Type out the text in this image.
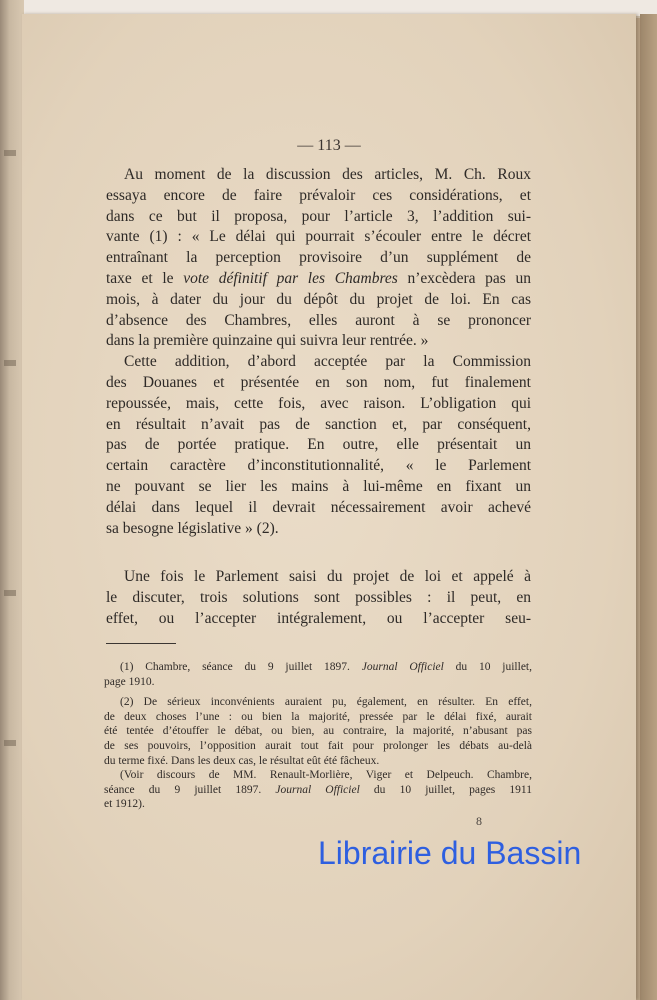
— 113 —
Au moment de la discussion des articles, M. Ch. Roux
essaya encore de faire prévaloir ces considérations, et
dans ce but il proposa, pour l’article 3, l’addition sui-
vante (1) : « Le délai qui pourrait s’écouler entre le décret
entraînant la perception provisoire d’un supplément de
taxe et le vote définitif par les Chambres n’excèdera pas un
mois, à dater du jour du dépôt du projet de loi. En cas
d’absence des Chambres, elles auront à se prononcer
dans la première quinzaine qui suivra leur rentrée. »
Cette addition, d’abord acceptée par la Commission
des Douanes et présentée en son nom, fut finalement
repoussée, mais, cette fois, avec raison. L’obligation qui
en résultait n’avait pas de sanction et, par conséquent,
pas de portée pratique. En outre, elle présentait un
certain caractère d’inconstitutionnalité, « le Parlement
ne pouvant se lier les mains à lui-même en fixant un
délai dans lequel il devrait nécessairement avoir achevé
sa besogne législative » (2).
Une fois le Parlement saisi du projet de loi et appelé à
le discuter, trois solutions sont possibles : il peut, en
effet, ou l’accepter intégralement, ou l’accepter seu-
(1) Chambre, séance du 9 juillet 1897. Journal Officiel du 10 juillet,
page 1910.
(2) De sérieux inconvénients auraient pu, également, en résulter. En effet,
de deux choses l’une : ou bien la majorité, pressée par le délai fixé, aurait
été tentée d’étouffer le débat, ou bien, au contraire, la majorité, n’abusant pas
de ses pouvoirs, l’opposition aurait tout fait pour prolonger les débats au-delà
du terme fixé. Dans les deux cas, le résultat eût été fâcheux.
(Voir discours de MM. Renault-Morlière, Viger et Delpeuch. Chambre,
séance du 9 juillet 1897. Journal Officiel du 10 juillet, pages 1911
et 1912).
8
Librairie du Bassin
